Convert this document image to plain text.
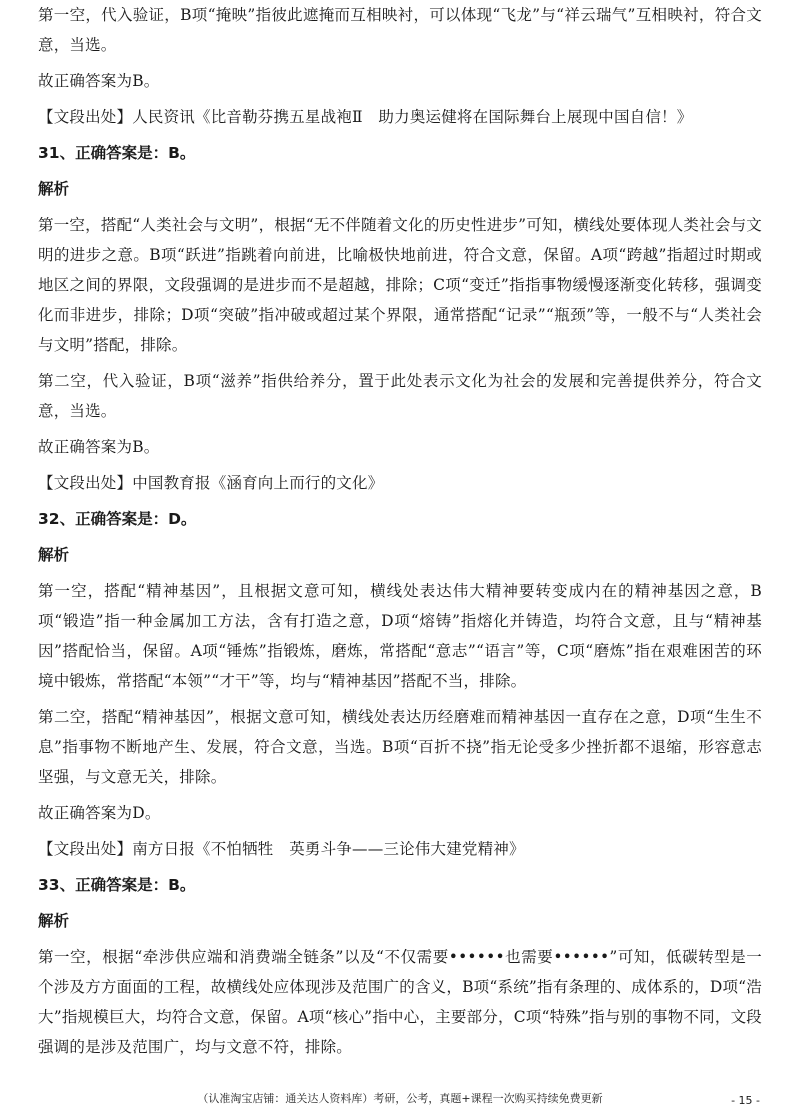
第一空，代入验证，B项“掩映”指彼此遮掩而互相映衬，可以体现“飞龙”与“祥云瑞气”互相映衬，符合文意，当选。

故正确答案为B。

【文段出处】人民资讯《比音勒芬携五星战袍Ⅱ　助力奥运健将在国际舞台上展现中国自信！》

31、正确答案是：B。

解析

第一空，搭配“人类社会与文明”，根据“无不伴随着文化的历史性进步”可知，横线处要体现人类社会与文明的进步之意。B项“跃进”指跳着向前进，比喻极快地前进，符合文意，保留。A项“跨越”指超过时期或地区之间的界限，文段强调的是进步而不是超越，排除；C项“变迁”指指事物缓慢逐渐变化转移，强调变化而非进步，排除；D项“突破”指冲破或超过某个界限，通常搭配“记录”“瓶颈”等，一般不与“人类社会与文明”搭配，排除。

第二空，代入验证，B项“滋养”指供给养分，置于此处表示文化为社会的发展和完善提供养分，符合文意，当选。

故正确答案为B。

【文段出处】中国教育报《涵育向上而行的文化》

32、正确答案是：D。

解析

第一空，搭配“精神基因”，且根据文意可知，横线处表达伟大精神要转变成内在的精神基因之意，B项“锻造”指一种金属加工方法，含有打造之意，D项“熔铸”指熔化并铸造，均符合文意，且与“精神基因”搭配恰当，保留。A项“锤炼”指锻炼，磨炼，常搭配“意志”“语言”等，C项“磨炼”指在艰难困苦的环境中锻炼，常搭配“本领”“才干”等，均与“精神基因”搭配不当，排除。

第二空，搭配“精神基因”，根据文意可知，横线处表达历经磨难而精神基因一直存在之意，D项“生生不息”指事物不断地产生、发展，符合文意，当选。B项“百折不挠”指无论受多少挫折都不退缩，形容意志坚强，与文意无关，排除。

故正确答案为D。

【文段出处】南方日报《不怕牺牲　英勇斗争——三论伟大建党精神》

33、正确答案是：B。

解析

第一空，根据“牵涉供应端和消费端全链条”以及“不仅需要••••••也需要••••••”可知，低碳转型是一个涉及方方面面的工程，故横线处应体现涉及范围广的含义，B项“系统”指有条理的、成体系的，D项“浩大”指规模巨大，均符合文意，保留。A项“核心”指中心，主要部分，C项“特殊”指与别的事物不同，文段强调的是涉及范围广，均与文意不符，排除。

（认准淘宝店铺：通关达人资料库）考研，公考，真题+课程一次购买持续免费更新	- 15 -
